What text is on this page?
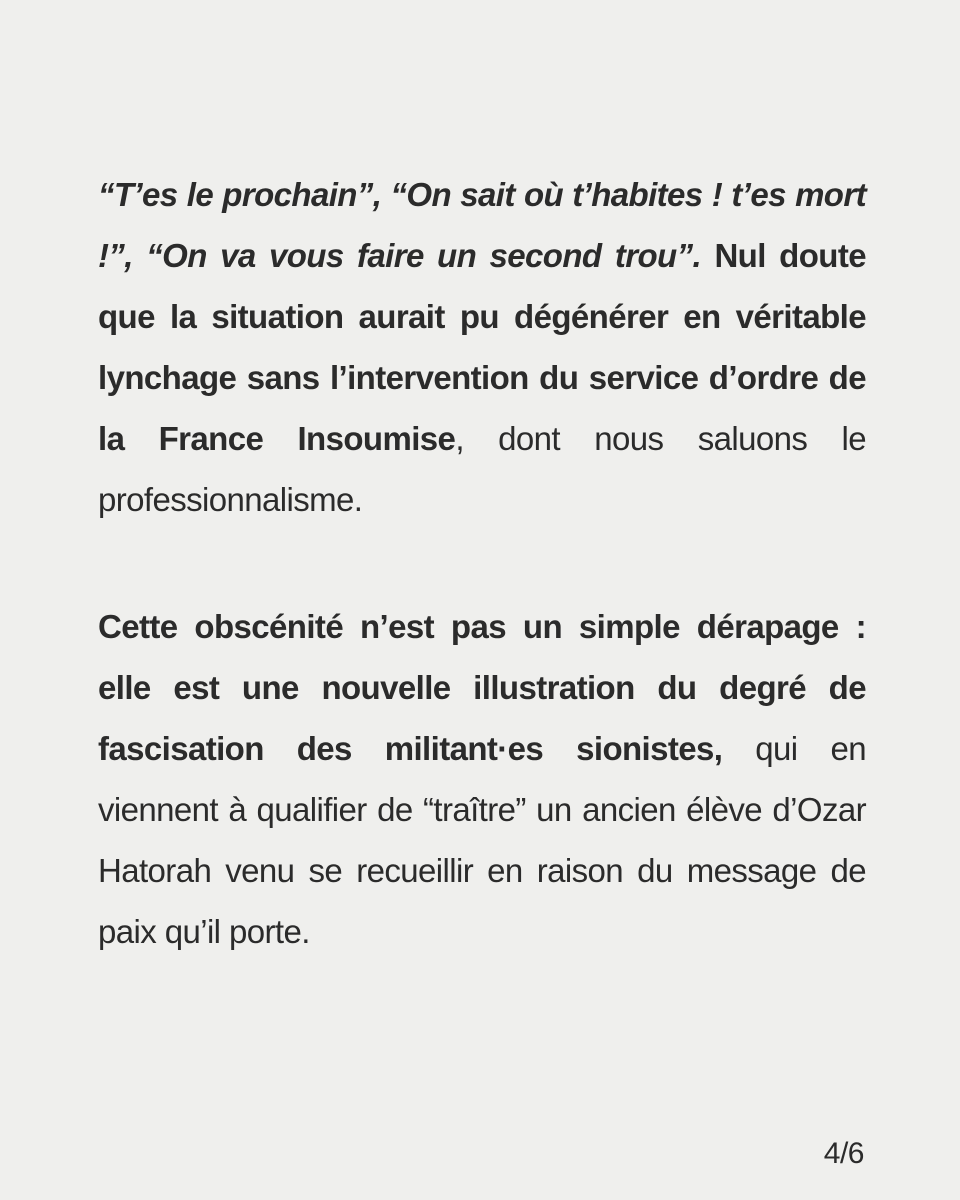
“T’es le prochain”, “On sait où t’habites ! t’es mort !”, “On va vous faire un second trou”. Nul doute que la situation aurait pu dégénérer en véritable lynchage sans l’intervention du service d’ordre de la France Insoumise, dont nous saluons le professionnalisme.

Cette obscénité n’est pas un simple dérapage : elle est une nouvelle illustration du degré de fascisation des militant·es sionistes, qui en viennent à qualifier de “traître” un ancien élève d’Ozar Hatorah venu se recueillir en raison du message de paix qu’il porte.

4/6
